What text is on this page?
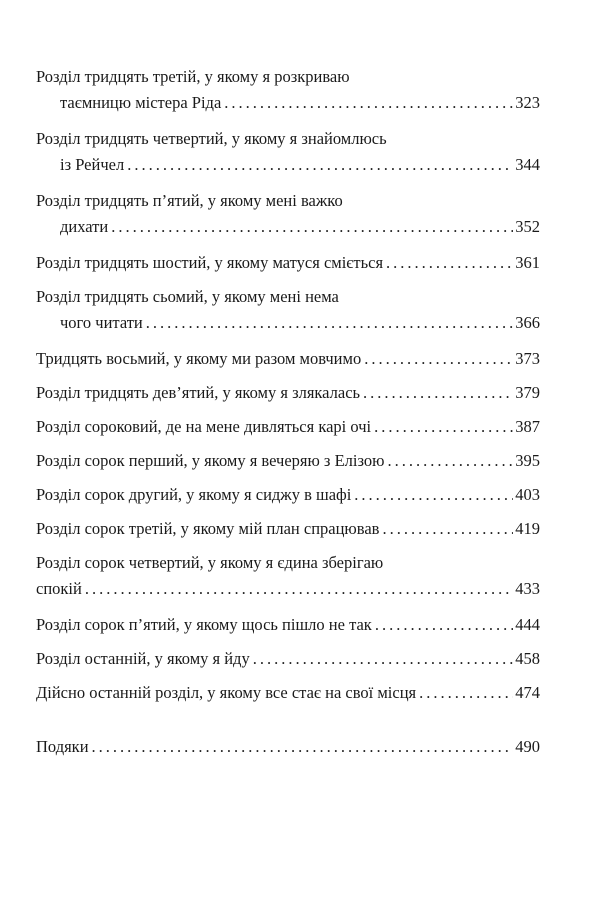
Розділ тридцять третій, у якому я розкриваю
таємницю містера Ріда .....	323
Розділ тридцять четвертий, у якому я знайомлюсь
із Рейчел .....	344
Розділ тридцять п’ятий, у якому мені важко
дихати .....	352
Розділ тридцять шостий, у якому матуся сміється .....	361
Розділ тридцять сьомий, у якому мені нема
чого читати .....	366
Тридцять восьмий, у якому ми разом мовчимо .....	373
Розділ тридцять дев’ятий, у якому я злякалась .....	379
Розділ сороковий, де на мене дивляться карі очі .....	387
Розділ сорок перший, у якому я вечеряю з Елізою .....	395
Розділ сорок другий, у якому я сиджу в шафі .....	403
Розділ сорок третій, у якому мій план спрацював .....	419
Розділ сорок четвертий, у якому я єдина зберігаю
спокій .....	433
Розділ сорок п’ятий, у якому щось пішло не так .....	444
Розділ останній, у якому я йду .....	458
Дійсно останній розділ, у якому все стає на свої місця .....	474
Подяки .....	490
